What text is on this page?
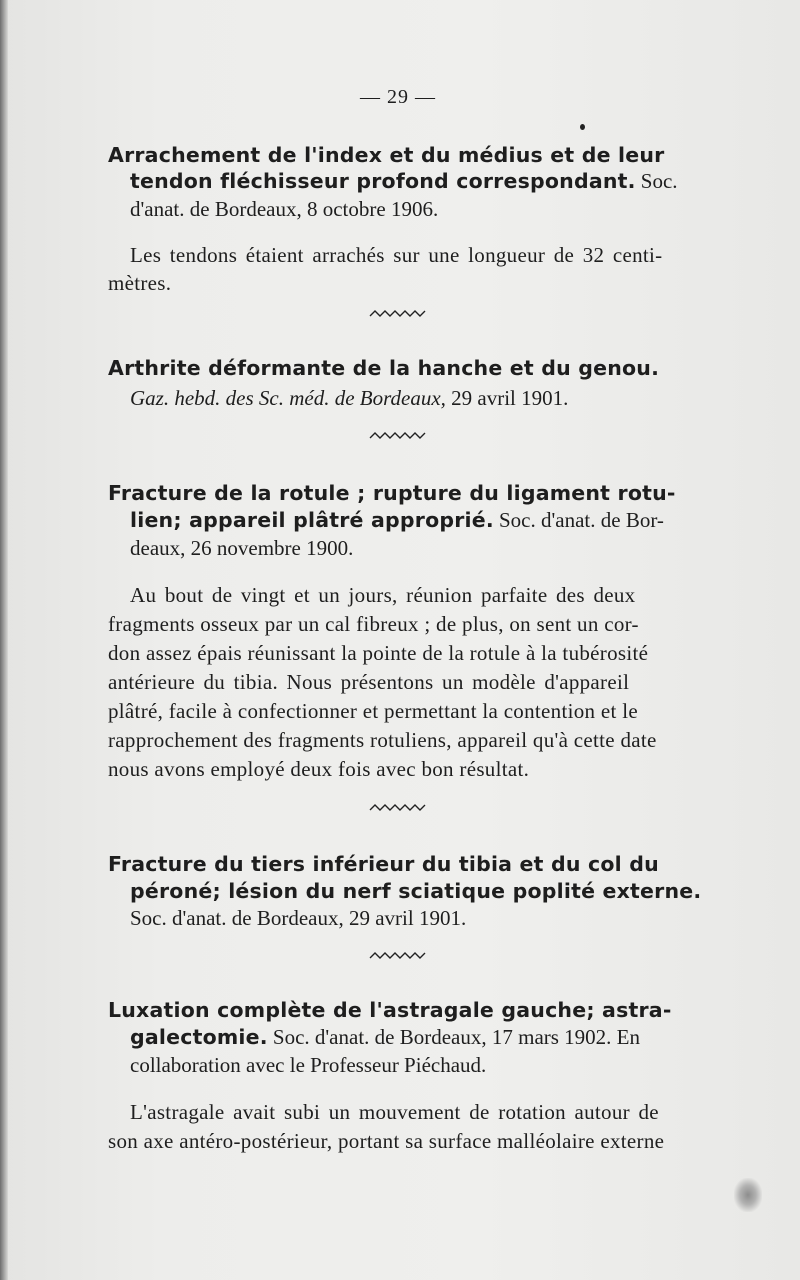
— 29 —
Arrachement de l'index et du médius et de leur
tendon fléchisseur profond correspondant. Soc.
d'anat. de Bordeaux, 8 octobre 1906.
Les tendons étaient arrachés sur une longueur de 32 centi-
mètres.
Arthrite déformante de la hanche et du genou.
Gaz. hebd. des Sc. méd. de Bordeaux, 29 avril 1901.
Fracture de la rotule ; rupture du ligament rotu-
lien; appareil plâtré approprié. Soc. d'anat. de Bor-
deaux, 26 novembre 1900.
Au bout de vingt et un jours, réunion parfaite des deux
fragments osseux par un cal fibreux ; de plus, on sent un cor-
don assez épais réunissant la pointe de la rotule à la tubérosité
antérieure du tibia. Nous présentons un modèle d'appareil
plâtré, facile à confectionner et permettant la contention et le
rapprochement des fragments rotuliens, appareil qu'à cette date
nous avons employé deux fois avec bon résultat.
Fracture du tiers inférieur du tibia et du col du
péroné; lésion du nerf sciatique poplité externe.
Soc. d'anat. de Bordeaux, 29 avril 1901.
Luxation complète de l'astragale gauche; astra-
galectomie. Soc. d'anat. de Bordeaux, 17 mars 1902. En
collaboration avec le Professeur Piéchaud.
L'astragale avait subi un mouvement de rotation autour de
son axe antéro-postérieur, portant sa surface malléolaire externe
